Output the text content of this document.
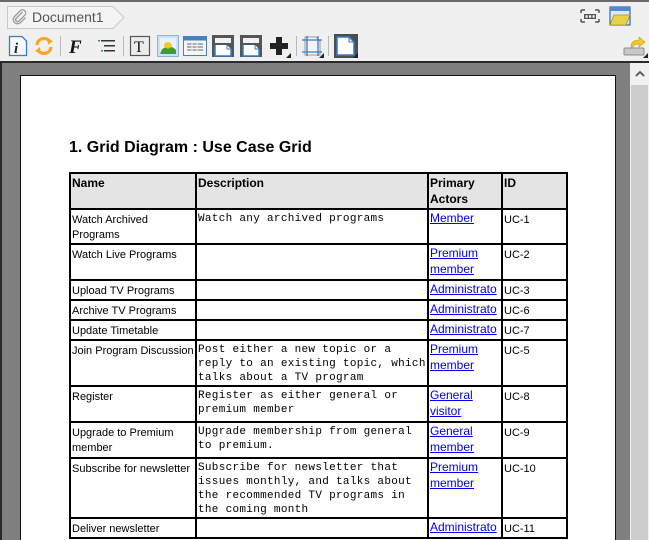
Document1
i	F	T
1. Grid Diagram : Use Case Grid
Name	Description	Primary Actors	ID
Watch Archived Programs	Watch any archived programs	Member	UC-1
Watch Live Programs		Premium member	UC-2
Upload TV Programs		Administrato	UC-3
Archive TV Programs		Administrato	UC-6
Update Timetable		Administrato	UC-7
Join Program Discussion	Post either a new topic or a reply to an existing topic, which talks about a TV program	Premium member	UC-5
Register	Register as either general or premium member	General visitor	UC-8
Upgrade to Premium member	Upgrade membership from general to premium.	General member	UC-9
Subscribe for newsletter	Subscribe for newsletter that issues monthly, and talks about the recommended TV programs in the coming month	Premium member	UC-10
Deliver newsletter		Administrato	UC-11
